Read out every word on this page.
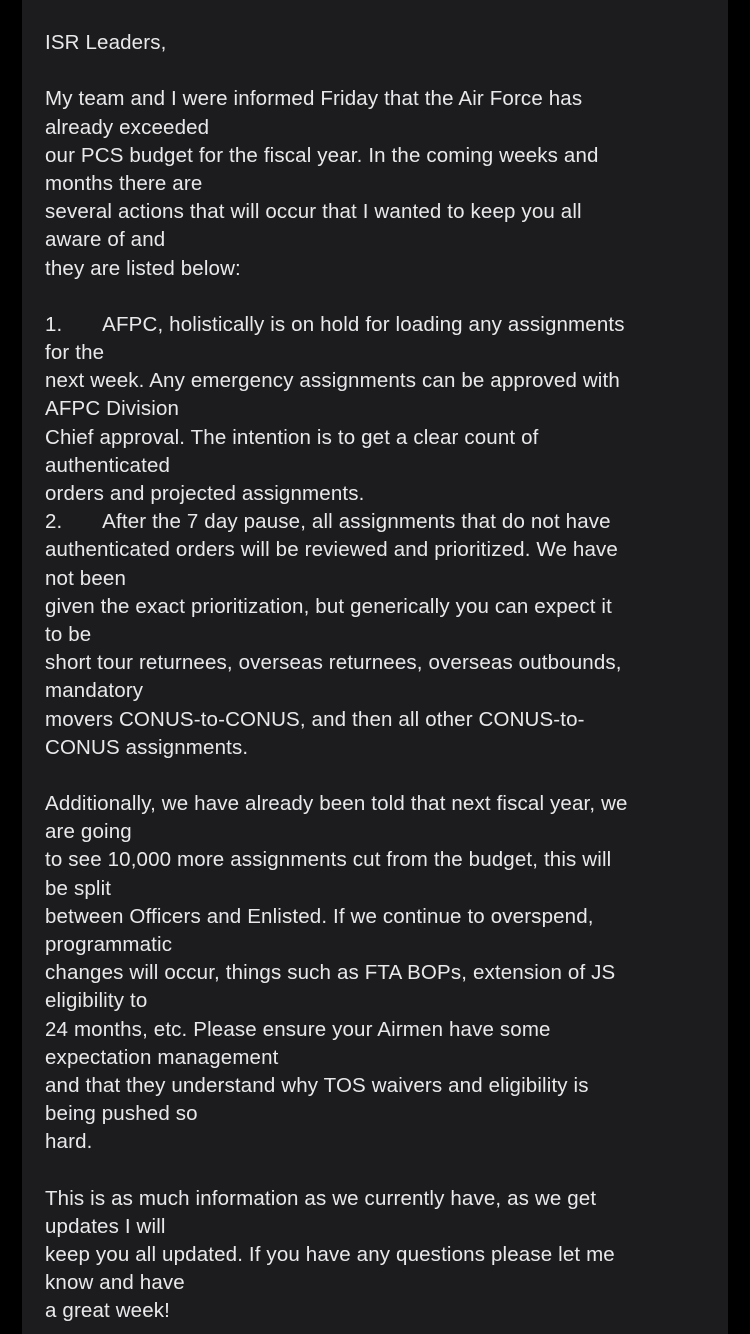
ISR Leaders,
My team and I were informed Friday that the Air Force has
already exceeded
our PCS budget for the fiscal year. In the coming weeks and
months there are
several actions that will occur that I wanted to keep you all
aware of and
they are listed below:
1.       AFPC, holistically is on hold for loading any assignments
for the
next week. Any emergency assignments can be approved with
AFPC Division
Chief approval. The intention is to get a clear count of
authenticated
orders and projected assignments.
2.       After the 7 day pause, all assignments that do not have
authenticated orders will be reviewed and prioritized. We have
not been
given the exact prioritization, but generically you can expect it
to be
short tour returnees, overseas returnees, overseas outbounds,
mandatory
movers CONUS-to-CONUS, and then all other CONUS-to-
CONUS assignments.
Additionally, we have already been told that next fiscal year, we
are going
to see 10,000 more assignments cut from the budget, this will
be split
between Officers and Enlisted. If we continue to overspend,
programmatic
changes will occur, things such as FTA BOPs, extension of JS
eligibility to
24 months, etc. Please ensure your Airmen have some
expectation management
and that they understand why TOS waivers and eligibility is
being pushed so
hard.
This is as much information as we currently have, as we get
updates I will
keep you all updated. If you have any questions please let me
know and have
a great week!
